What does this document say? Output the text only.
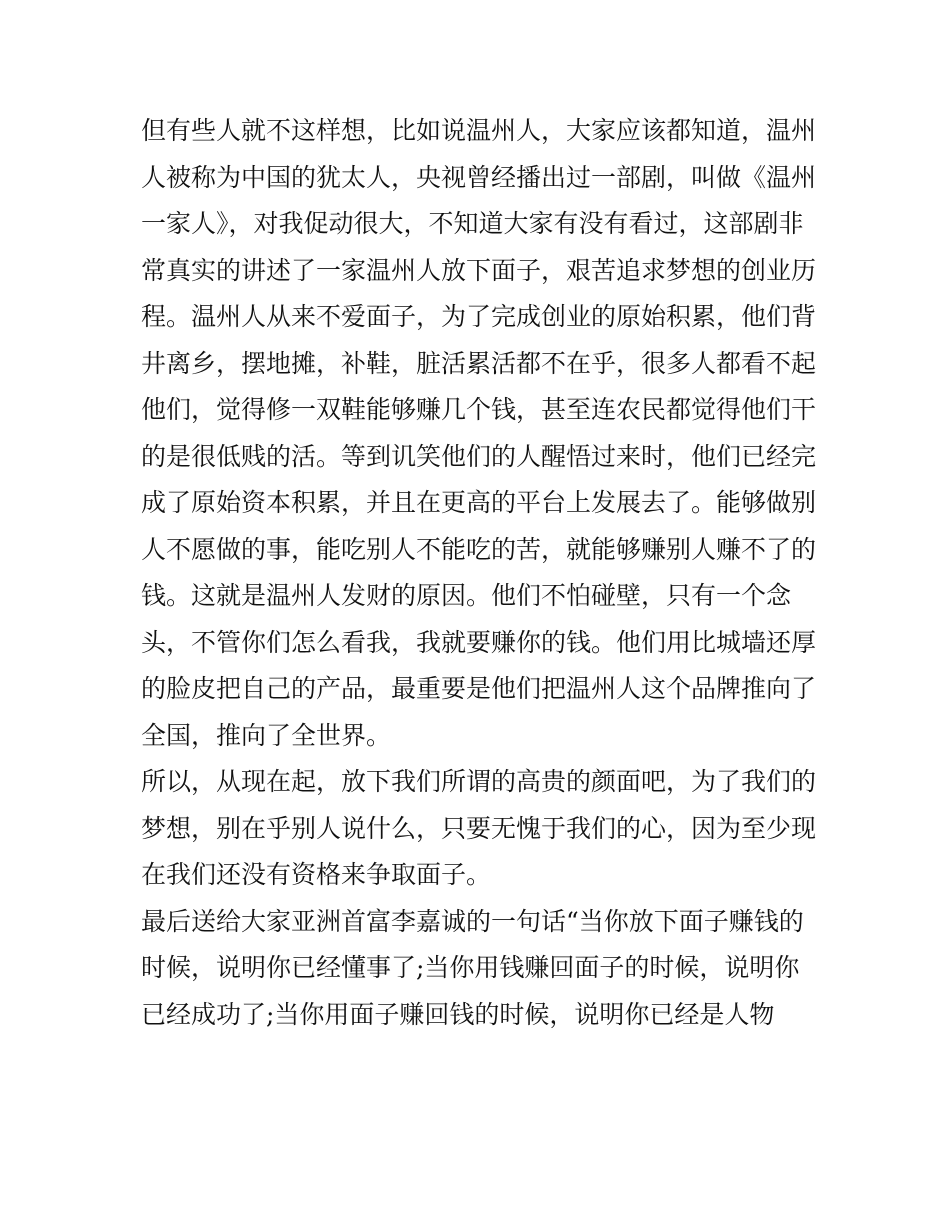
但有些人就不这样想，比如说温州人，大家应该都知道，温州
人被称为中国的犹太人，央视曾经播出过一部剧，叫做《温州
一家人》，对我促动很大，不知道大家有没有看过，这部剧非
常真实的讲述了一家温州人放下面子，艰苦追求梦想的创业历
程。温州人从来不爱面子，为了完成创业的原始积累，他们背
井离乡，摆地摊，补鞋，脏活累活都不在乎，很多人都看不起
他们，觉得修一双鞋能够赚几个钱，甚至连农民都觉得他们干
的是很低贱的活。等到讥笑他们的人醒悟过来时，他们已经完
成了原始资本积累，并且在更高的平台上发展去了。能够做别
人不愿做的事，能吃别人不能吃的苦，就能够赚别人赚不了的
钱。这就是温州人发财的原因。他们不怕碰壁，只有一个念
头，不管你们怎么看我，我就要赚你的钱。他们用比城墙还厚
的脸皮把自己的产品，最重要是他们把温州人这个品牌推向了
全国，推向了全世界。
所以，从现在起，放下我们所谓的高贵的颜面吧，为了我们的
梦想，别在乎别人说什么，只要无愧于我们的心，因为至少现
在我们还没有资格来争取面子。
最后送给大家亚洲首富李嘉诚的一句话“当你放下面子赚钱的
时候，说明你已经懂事了;当你用钱赚回面子的时候，说明你
已经成功了;当你用面子赚回钱的时候，说明你已经是人物
